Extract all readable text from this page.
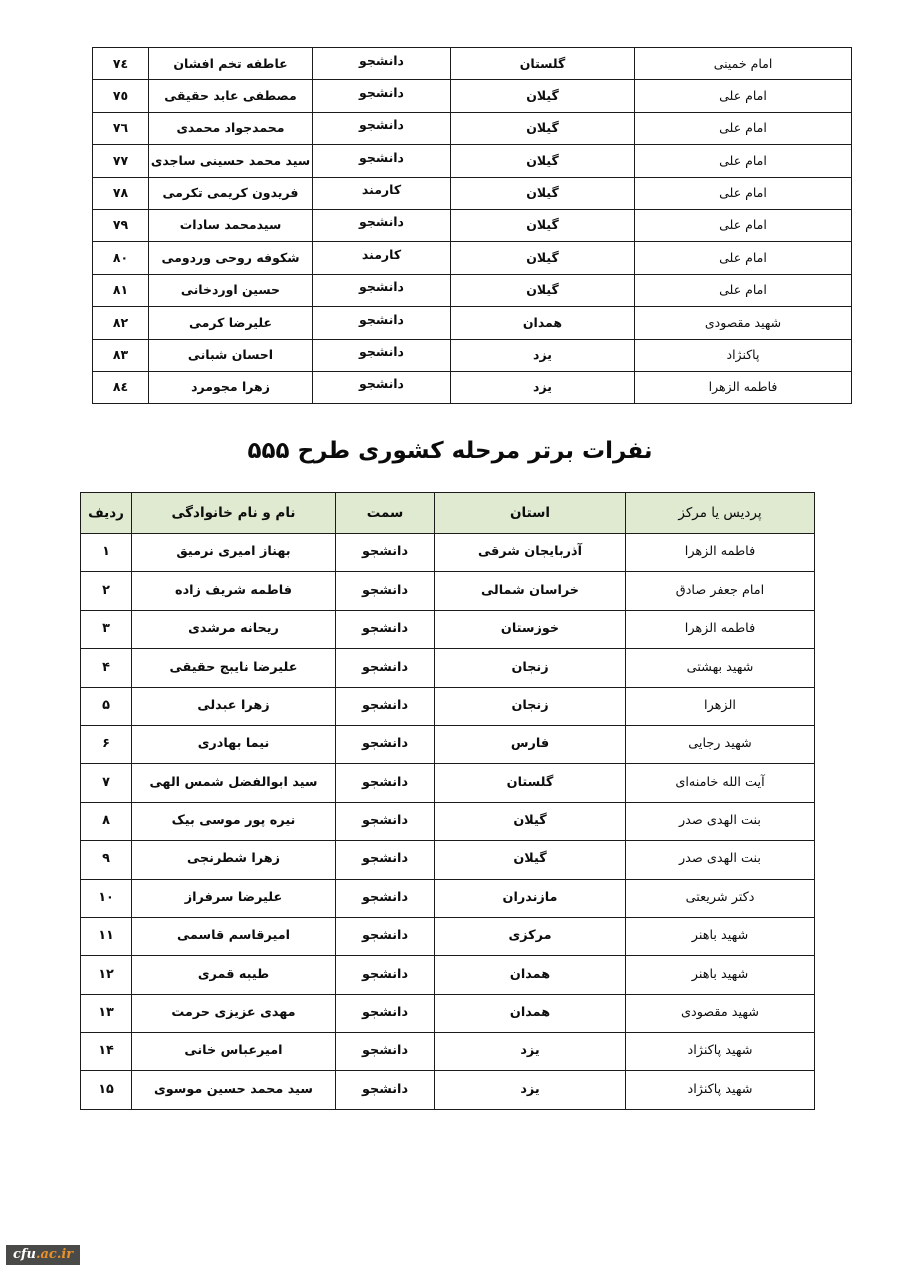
امام خمینی	گلستان	دانشجو	عاطفه تخم افشان	٧٤
امام علی	گیلان	دانشجو	مصطفی عابد حقیقی	٧٥
امام علی	گیلان	دانشجو	محمدجواد محمدی	٧٦
امام علی	گیلان	دانشجو	سید محمد حسینی ساجدی	٧٧
امام علی	گیلان	کارمند	فریدون کریمی تکرمی	٧٨
امام علی	گیلان	دانشجو	سیدمحمد سادات	٧٩
امام علی	گیلان	کارمند	شکوفه روحی وردومی	٨٠
امام علی	گیلان	دانشجو	حسین اوردخانی	٨١
شهید مقصودی	همدان	دانشجو	علیرضا کرمی	٨٢
پاکنژاد	یزد	دانشجو	احسان شبانی	٨٣
فاطمه الزهرا	یزد	دانشجو	زهرا مجومرد	٨٤
نفرات برتر مرحله کشوری طرح ۵۵۵
پردیس یا مرکز	استان	سمت	نام و نام خانوادگی	ردیف
فاطمه الزهرا	آذربایجان شرقی	دانشجو	بهناز امیری نرمیق	۱
امام جعفر صادق	خراسان شمالی	دانشجو	فاطمه شریف زاده	۲
فاطمه الزهرا	خوزستان	دانشجو	ریحانه مرشدی	۳
شهید بهشتی	زنجان	دانشجو	علیرضا نایبج حقیقی	۴
الزهرا	زنجان	دانشجو	زهرا عبدلی	۵
شهید رجایی	فارس	دانشجو	نیما بهادری	۶
آیت الله خامنه‌ای	گلستان	دانشجو	سید ابوالفضل شمس الهی	۷
بنت الهدی صدر	گیلان	دانشجو	نیره پور موسی بیک	۸
بنت الهدی صدر	گیلان	دانشجو	زهرا شطرنجی	۹
دکتر شریعتی	مازندران	دانشجو	علیرضا سرفراز	۱۰
شهید باهنر	مرکزی	دانشجو	امیرقاسم قاسمی	۱۱
شهید باهنر	همدان	دانشجو	طیبه قمری	۱۲
شهید مقصودی	همدان	دانشجو	مهدی عزیزی حرمت	۱۳
شهید پاکنژاد	یزد	دانشجو	امیرعباس خانی	۱۴
شهید پاکنژاد	یزد	دانشجو	سید محمد حسین موسوی	۱۵
cfu.ac.ir
